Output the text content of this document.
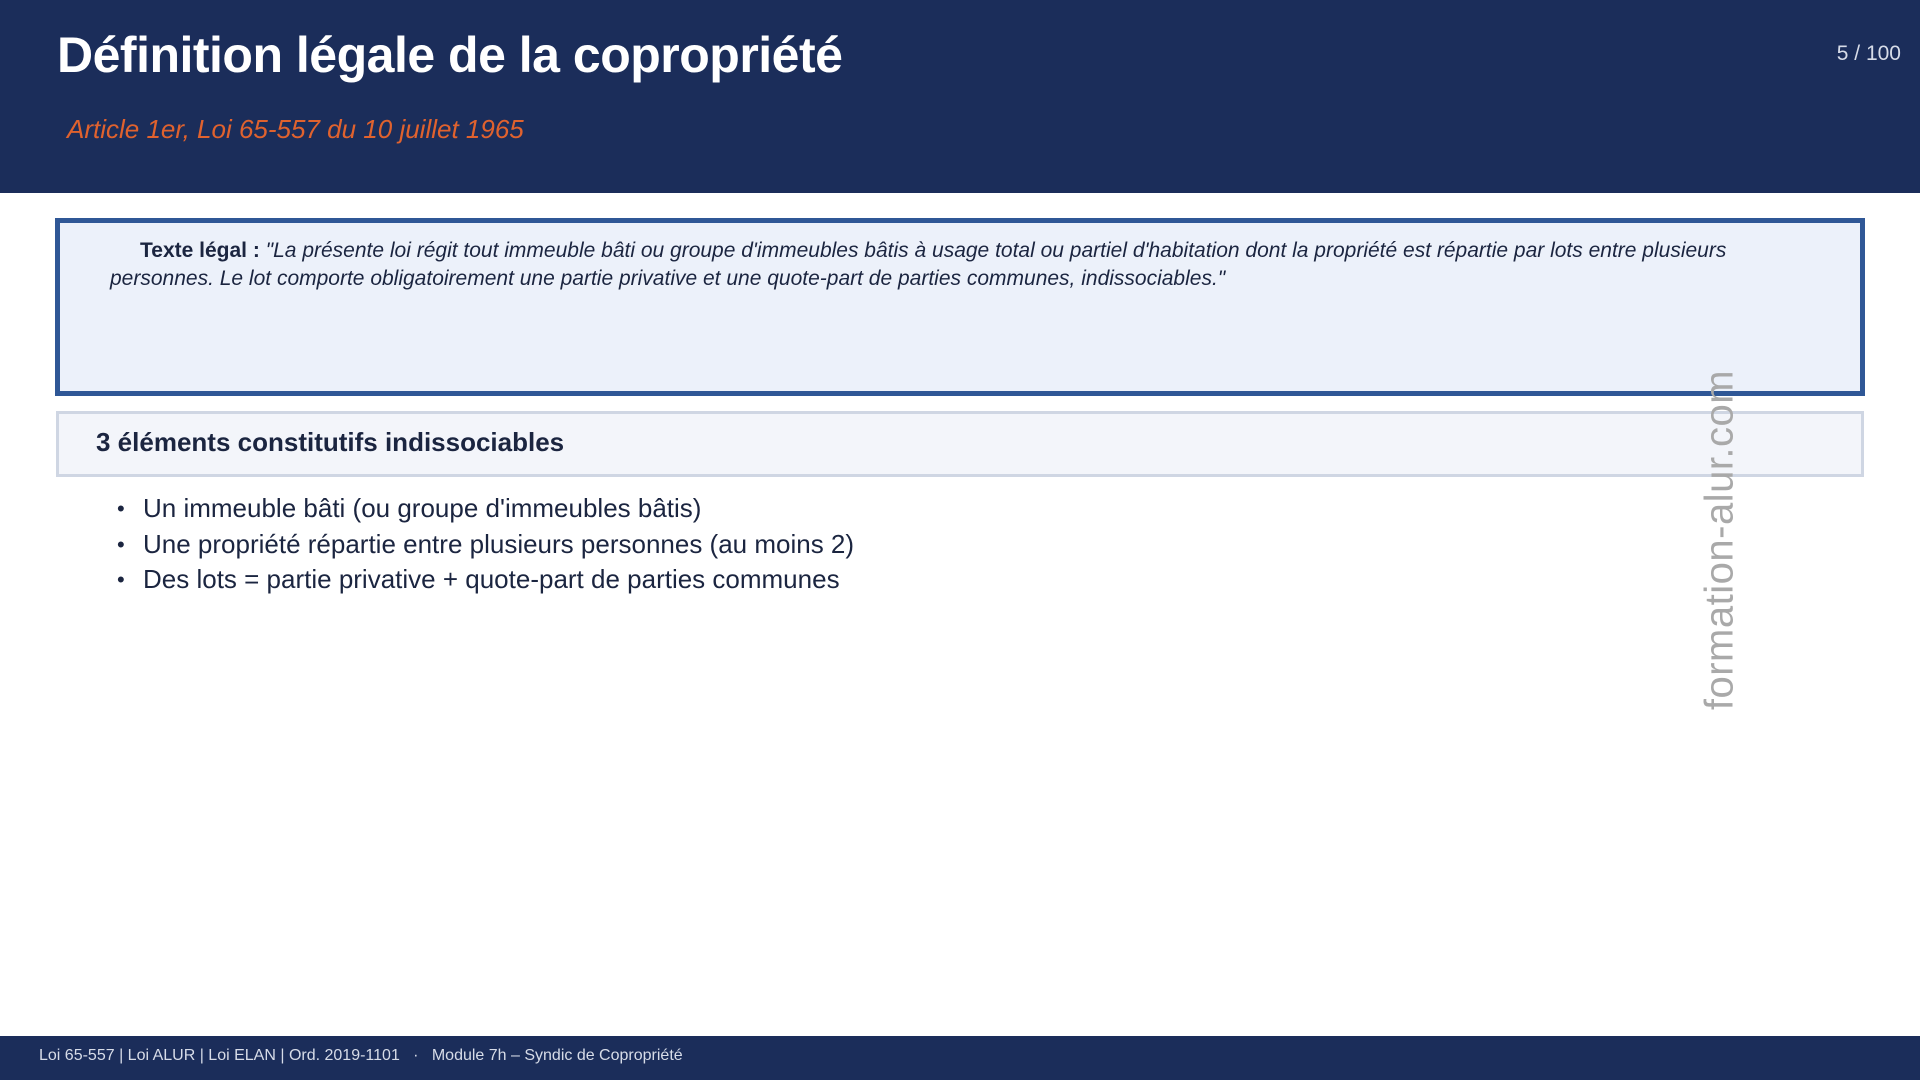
Définition légale de la copropriété
Article 1er, Loi 65-557 du 10 juillet 1965
5 / 100
Texte légal : "La présente loi régit tout immeuble bâti ou groupe d'immeubles bâtis à usage total ou partiel d'habitation dont la propriété est répartie par lots entre plusieurs personnes. Le lot comporte obligatoirement une partie privative et une quote-part de parties communes, indissociables."
3 éléments constitutifs indissociables
• Un immeuble bâti (ou groupe d'immeubles bâtis)
• Une propriété répartie entre plusieurs personnes (au moins 2)
• Des lots = partie privative + quote-part de parties communes	formation-alur.com
Loi 65-557 | Loi ALUR | Loi ELAN | Ord. 2019-1101   ·   Module 7h – Syndic de Copropriété
